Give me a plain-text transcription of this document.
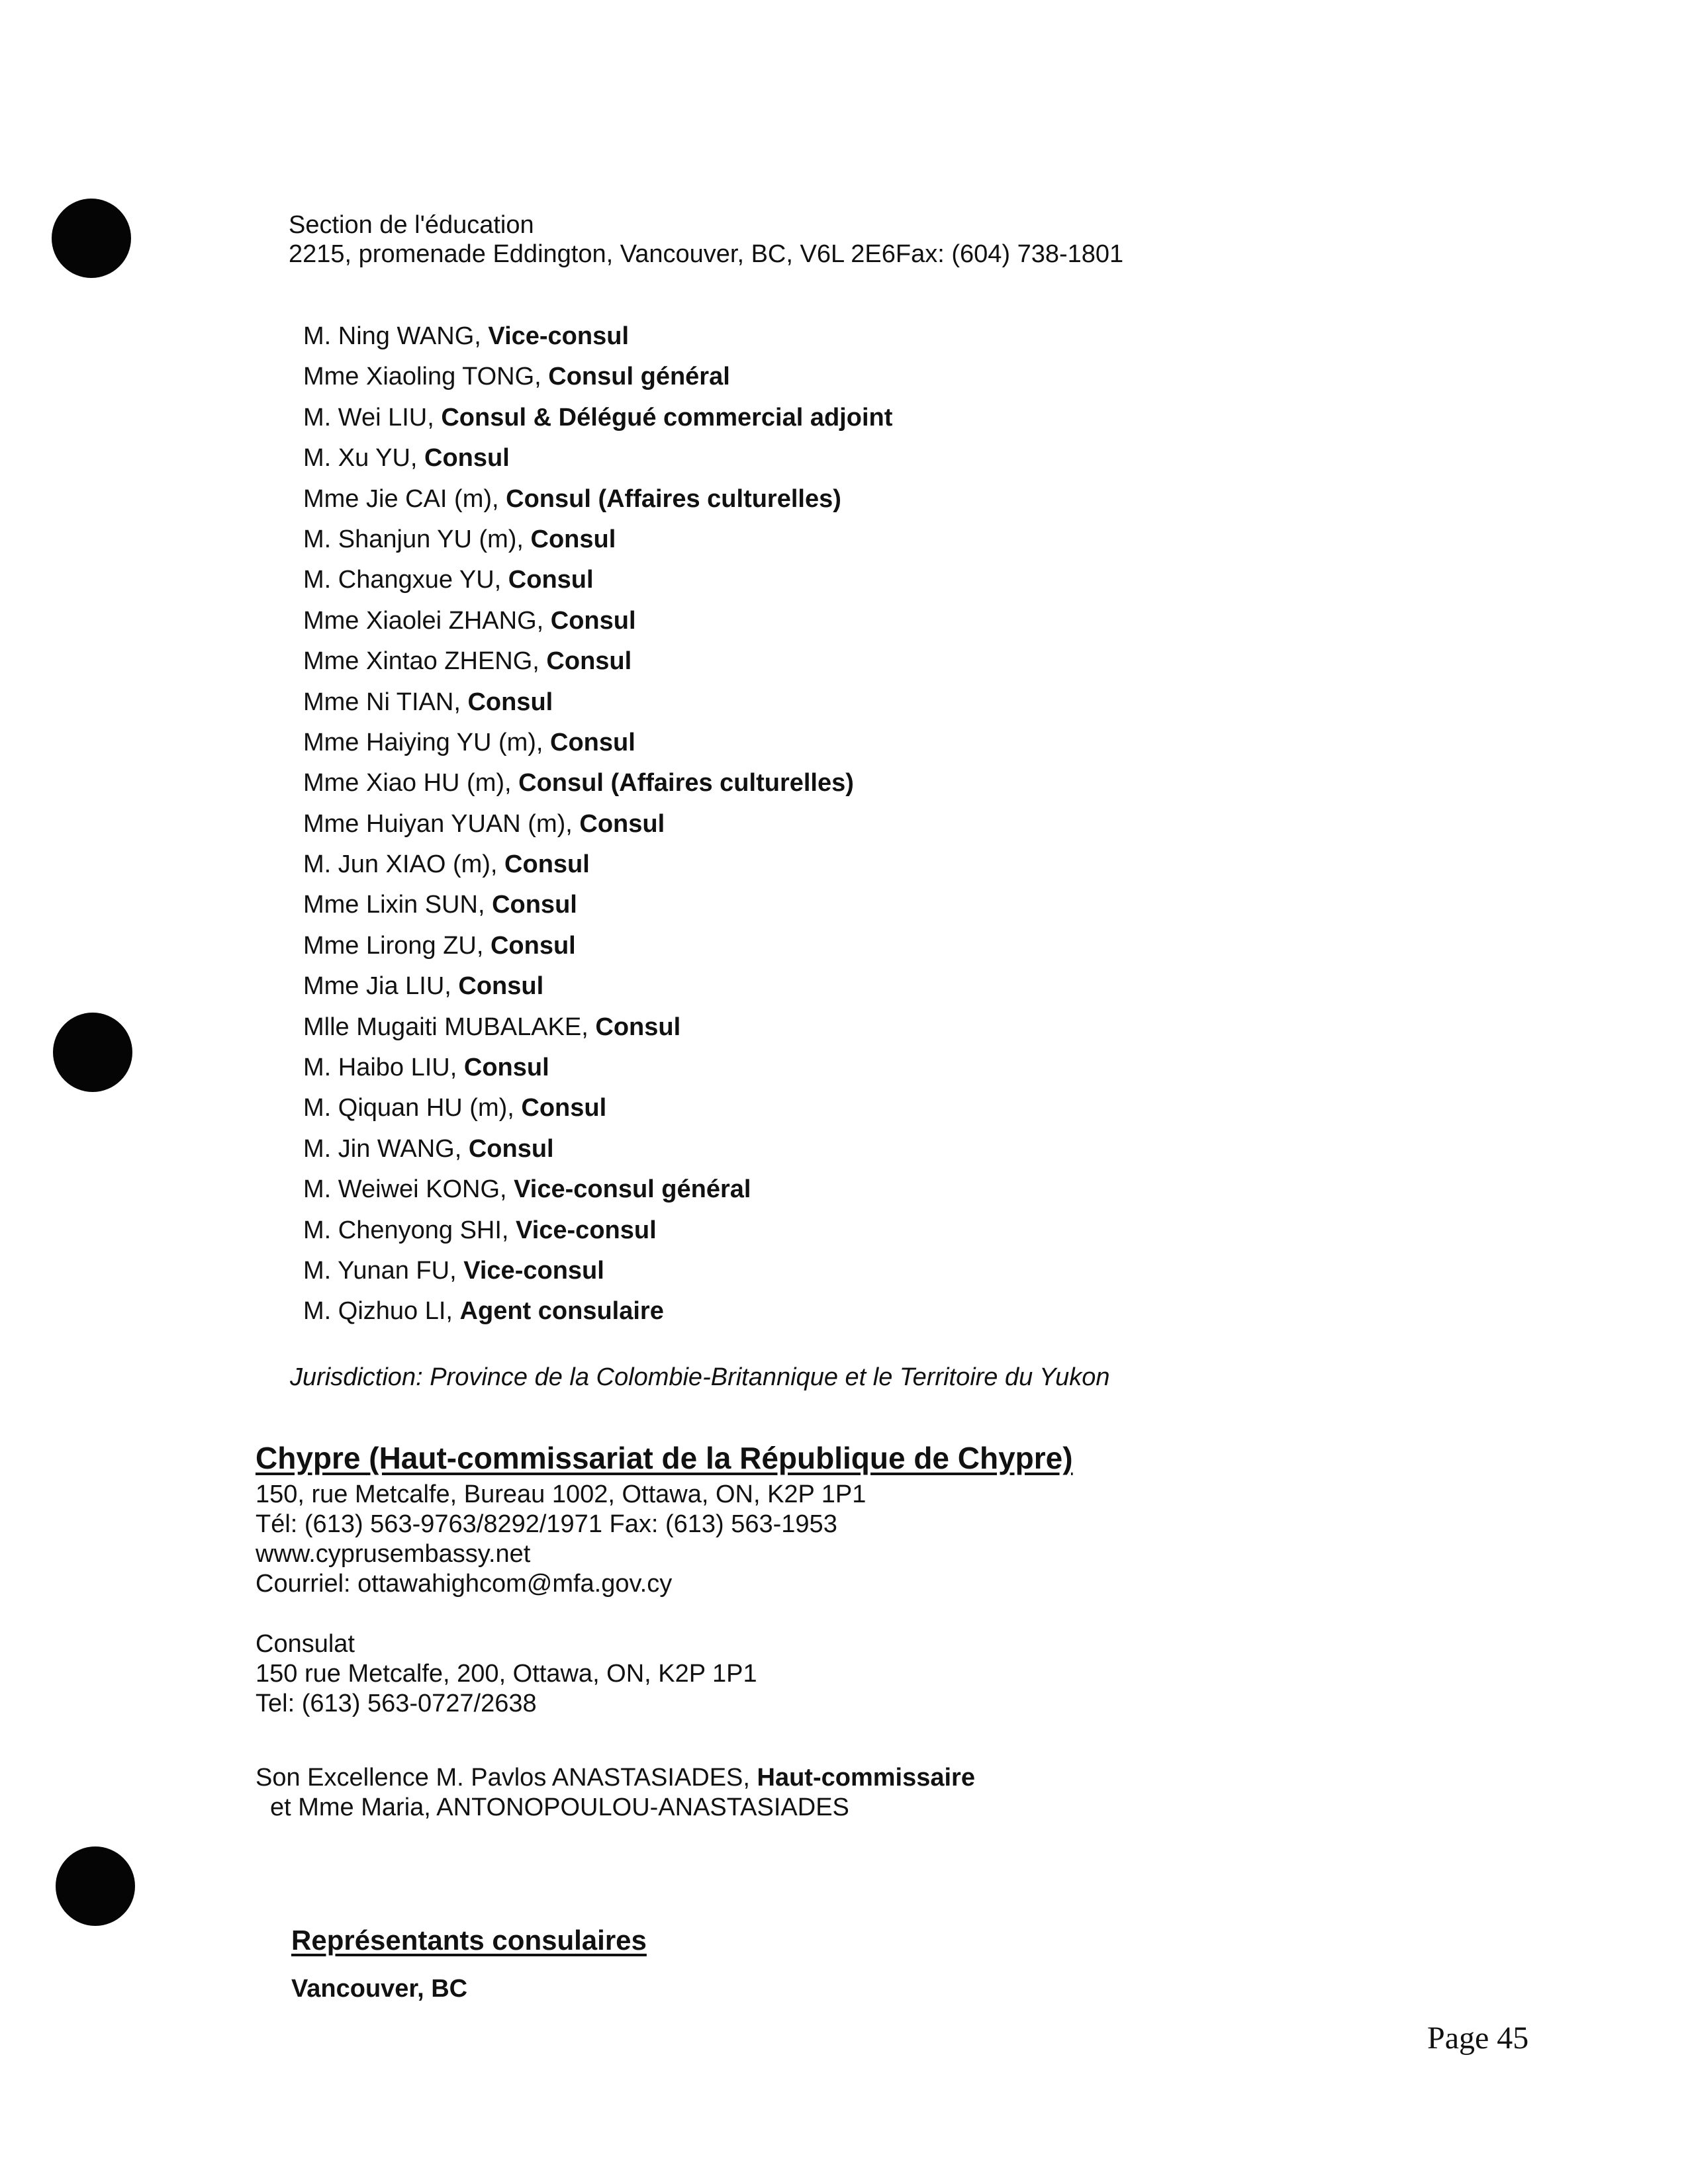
Section de l'éducation
2215, promenade Eddington, Vancouver, BC, V6L 2E6Fax: (604) 738-1801
M. Ning WANG, Vice-consul
Mme Xiaoling TONG, Consul général
M. Wei LIU, Consul & Délégué commercial adjoint
M. Xu YU, Consul
Mme Jie CAI (m), Consul (Affaires culturelles)
M. Shanjun YU (m), Consul
M. Changxue YU, Consul
Mme Xiaolei ZHANG, Consul
Mme Xintao ZHENG, Consul
Mme Ni TIAN, Consul
Mme Haiying YU (m), Consul
Mme Xiao HU (m), Consul (Affaires culturelles)
Mme Huiyan YUAN (m), Consul
M. Jun XIAO (m), Consul
Mme Lixin SUN, Consul
Mme Lirong ZU, Consul
Mme Jia LIU, Consul
Mlle Mugaiti MUBALAKE, Consul
M. Haibo LIU, Consul
M. Qiquan HU (m), Consul
M. Jin WANG, Consul
M. Weiwei KONG, Vice-consul général
M. Chenyong SHI, Vice-consul
M. Yunan FU, Vice-consul
M. Qizhuo LI, Agent consulaire
Jurisdiction: Province de la Colombie-Britannique et le Territoire du Yukon
Chypre (Haut-commissariat de la République de Chypre)
150, rue Metcalfe, Bureau 1002, Ottawa, ON, K2P 1P1
Tél: (613) 563-9763/8292/1971 Fax: (613) 563-1953
www.cyprusembassy.net
Courriel: ottawahighcom@mfa.gov.cy
Consulat
150 rue Metcalfe, 200, Ottawa, ON, K2P 1P1
Tel: (613) 563-0727/2638
Son Excellence M. Pavlos ANASTASIADES, Haut-commissaire
et Mme Maria, ANTONOPOULOU-ANASTASIADES
Représentants consulaires
Vancouver, BC
Page 45
